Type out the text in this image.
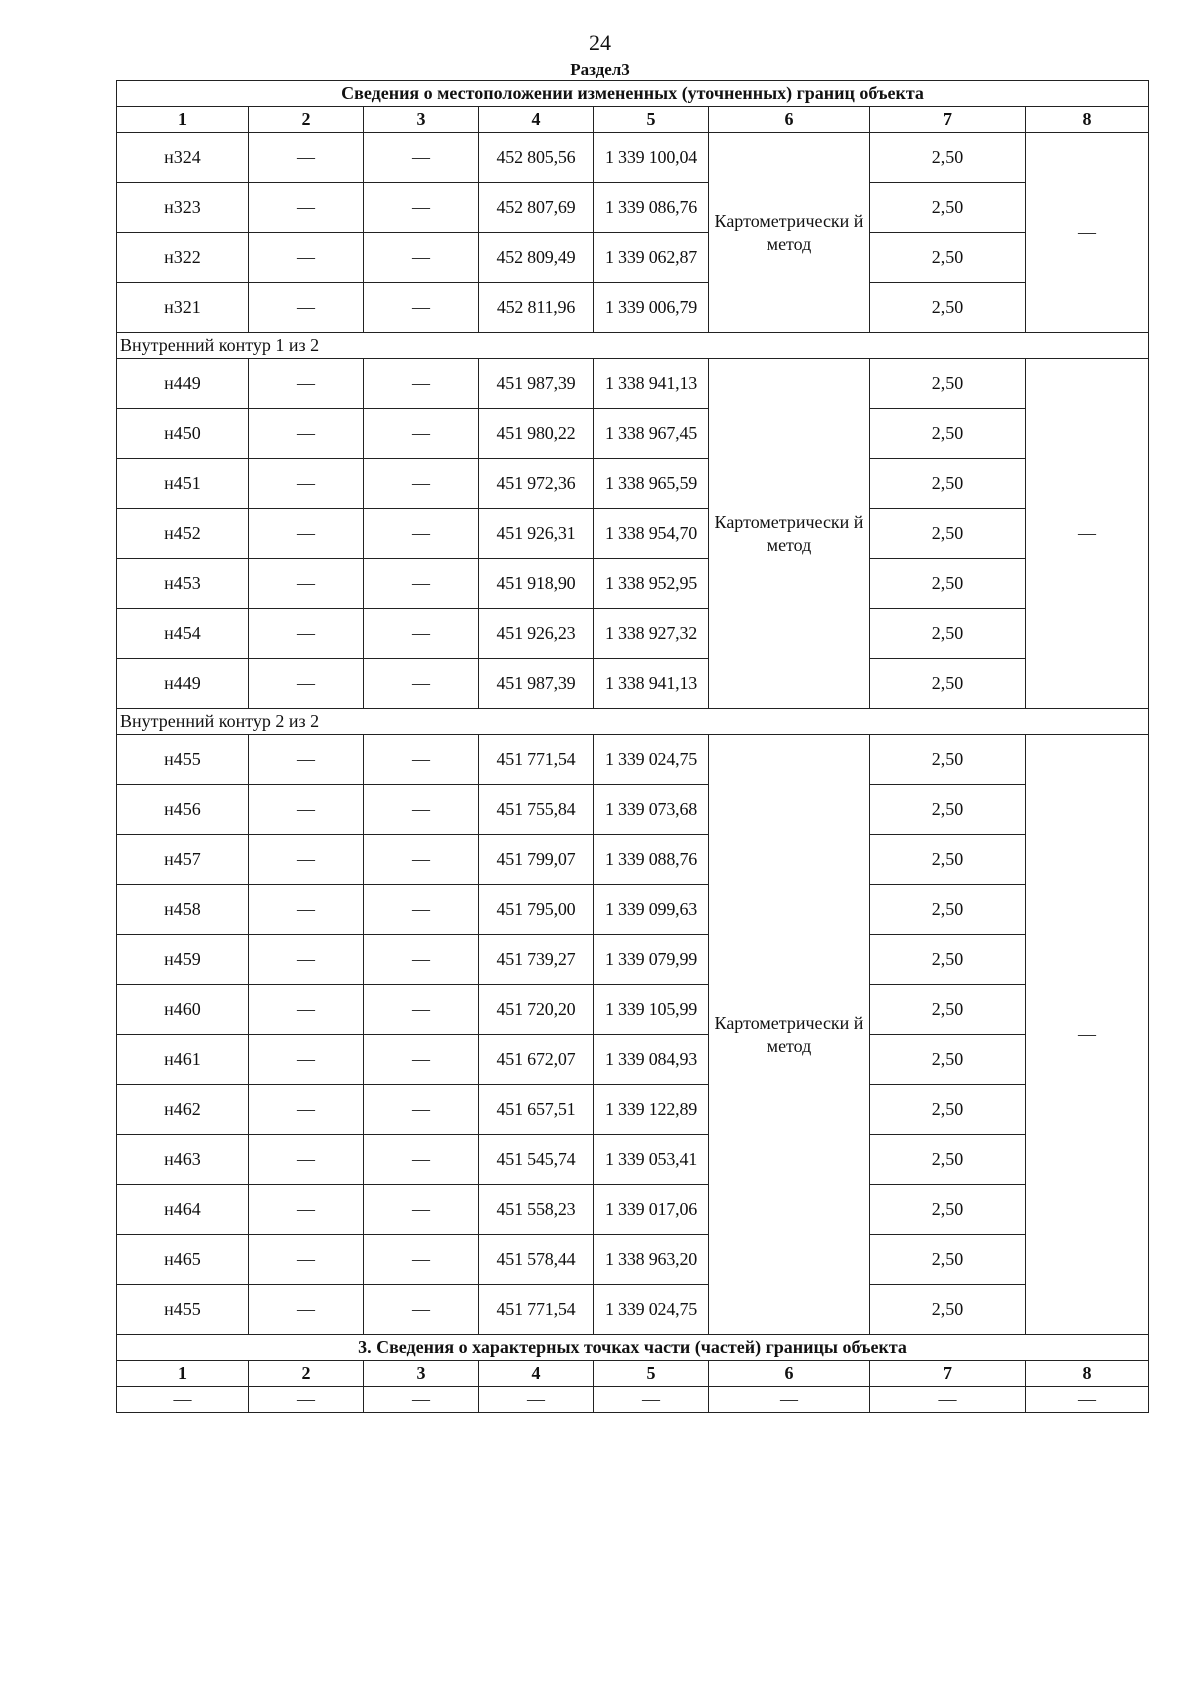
24
Раздел3
Сведения о местоположении измененных (уточненных) границ объекта							
1	2	3	4	5	6	7	8
н324	—	—	452 805,56	1 339 100,04	Картометрически й метод	2,50	—
н323	—	—	452 807,69	1 339 086,76		2,50	
н322	—	—	452 809,49	1 339 062,87		2,50	
н321	—	—	452 811,96	1 339 006,79		2,50	
Внутренний контур 1 из 2							
н449	—	—	451 987,39	1 338 941,13	Картометрически й метод	2,50	—
н450	—	—	451 980,22	1 338 967,45		2,50	
н451	—	—	451 972,36	1 338 965,59		2,50	
н452	—	—	451 926,31	1 338 954,70		2,50	
н453	—	—	451 918,90	1 338 952,95		2,50	
н454	—	—	451 926,23	1 338 927,32		2,50	
н449	—	—	451 987,39	1 338 941,13		2,50	
Внутренний контур 2 из 2							
н455	—	—	451 771,54	1 339 024,75	Картометрически й метод	2,50	—
н456	—	—	451 755,84	1 339 073,68		2,50	
н457	—	—	451 799,07	1 339 088,76		2,50	
н458	—	—	451 795,00	1 339 099,63		2,50	
н459	—	—	451 739,27	1 339 079,99		2,50	
н460	—	—	451 720,20	1 339 105,99		2,50	
н461	—	—	451 672,07	1 339 084,93		2,50	
н462	—	—	451 657,51	1 339 122,89		2,50	
н463	—	—	451 545,74	1 339 053,41		2,50	
н464	—	—	451 558,23	1 339 017,06		2,50	
н465	—	—	451 578,44	1 338 963,20		2,50	
н455	—	—	451 771,54	1 339 024,75		2,50	
3. Сведения о характерных точках части (частей) границы объекта							
1	2	3	4	5	6	7	8
—	—	—	—	—	—	—	—
